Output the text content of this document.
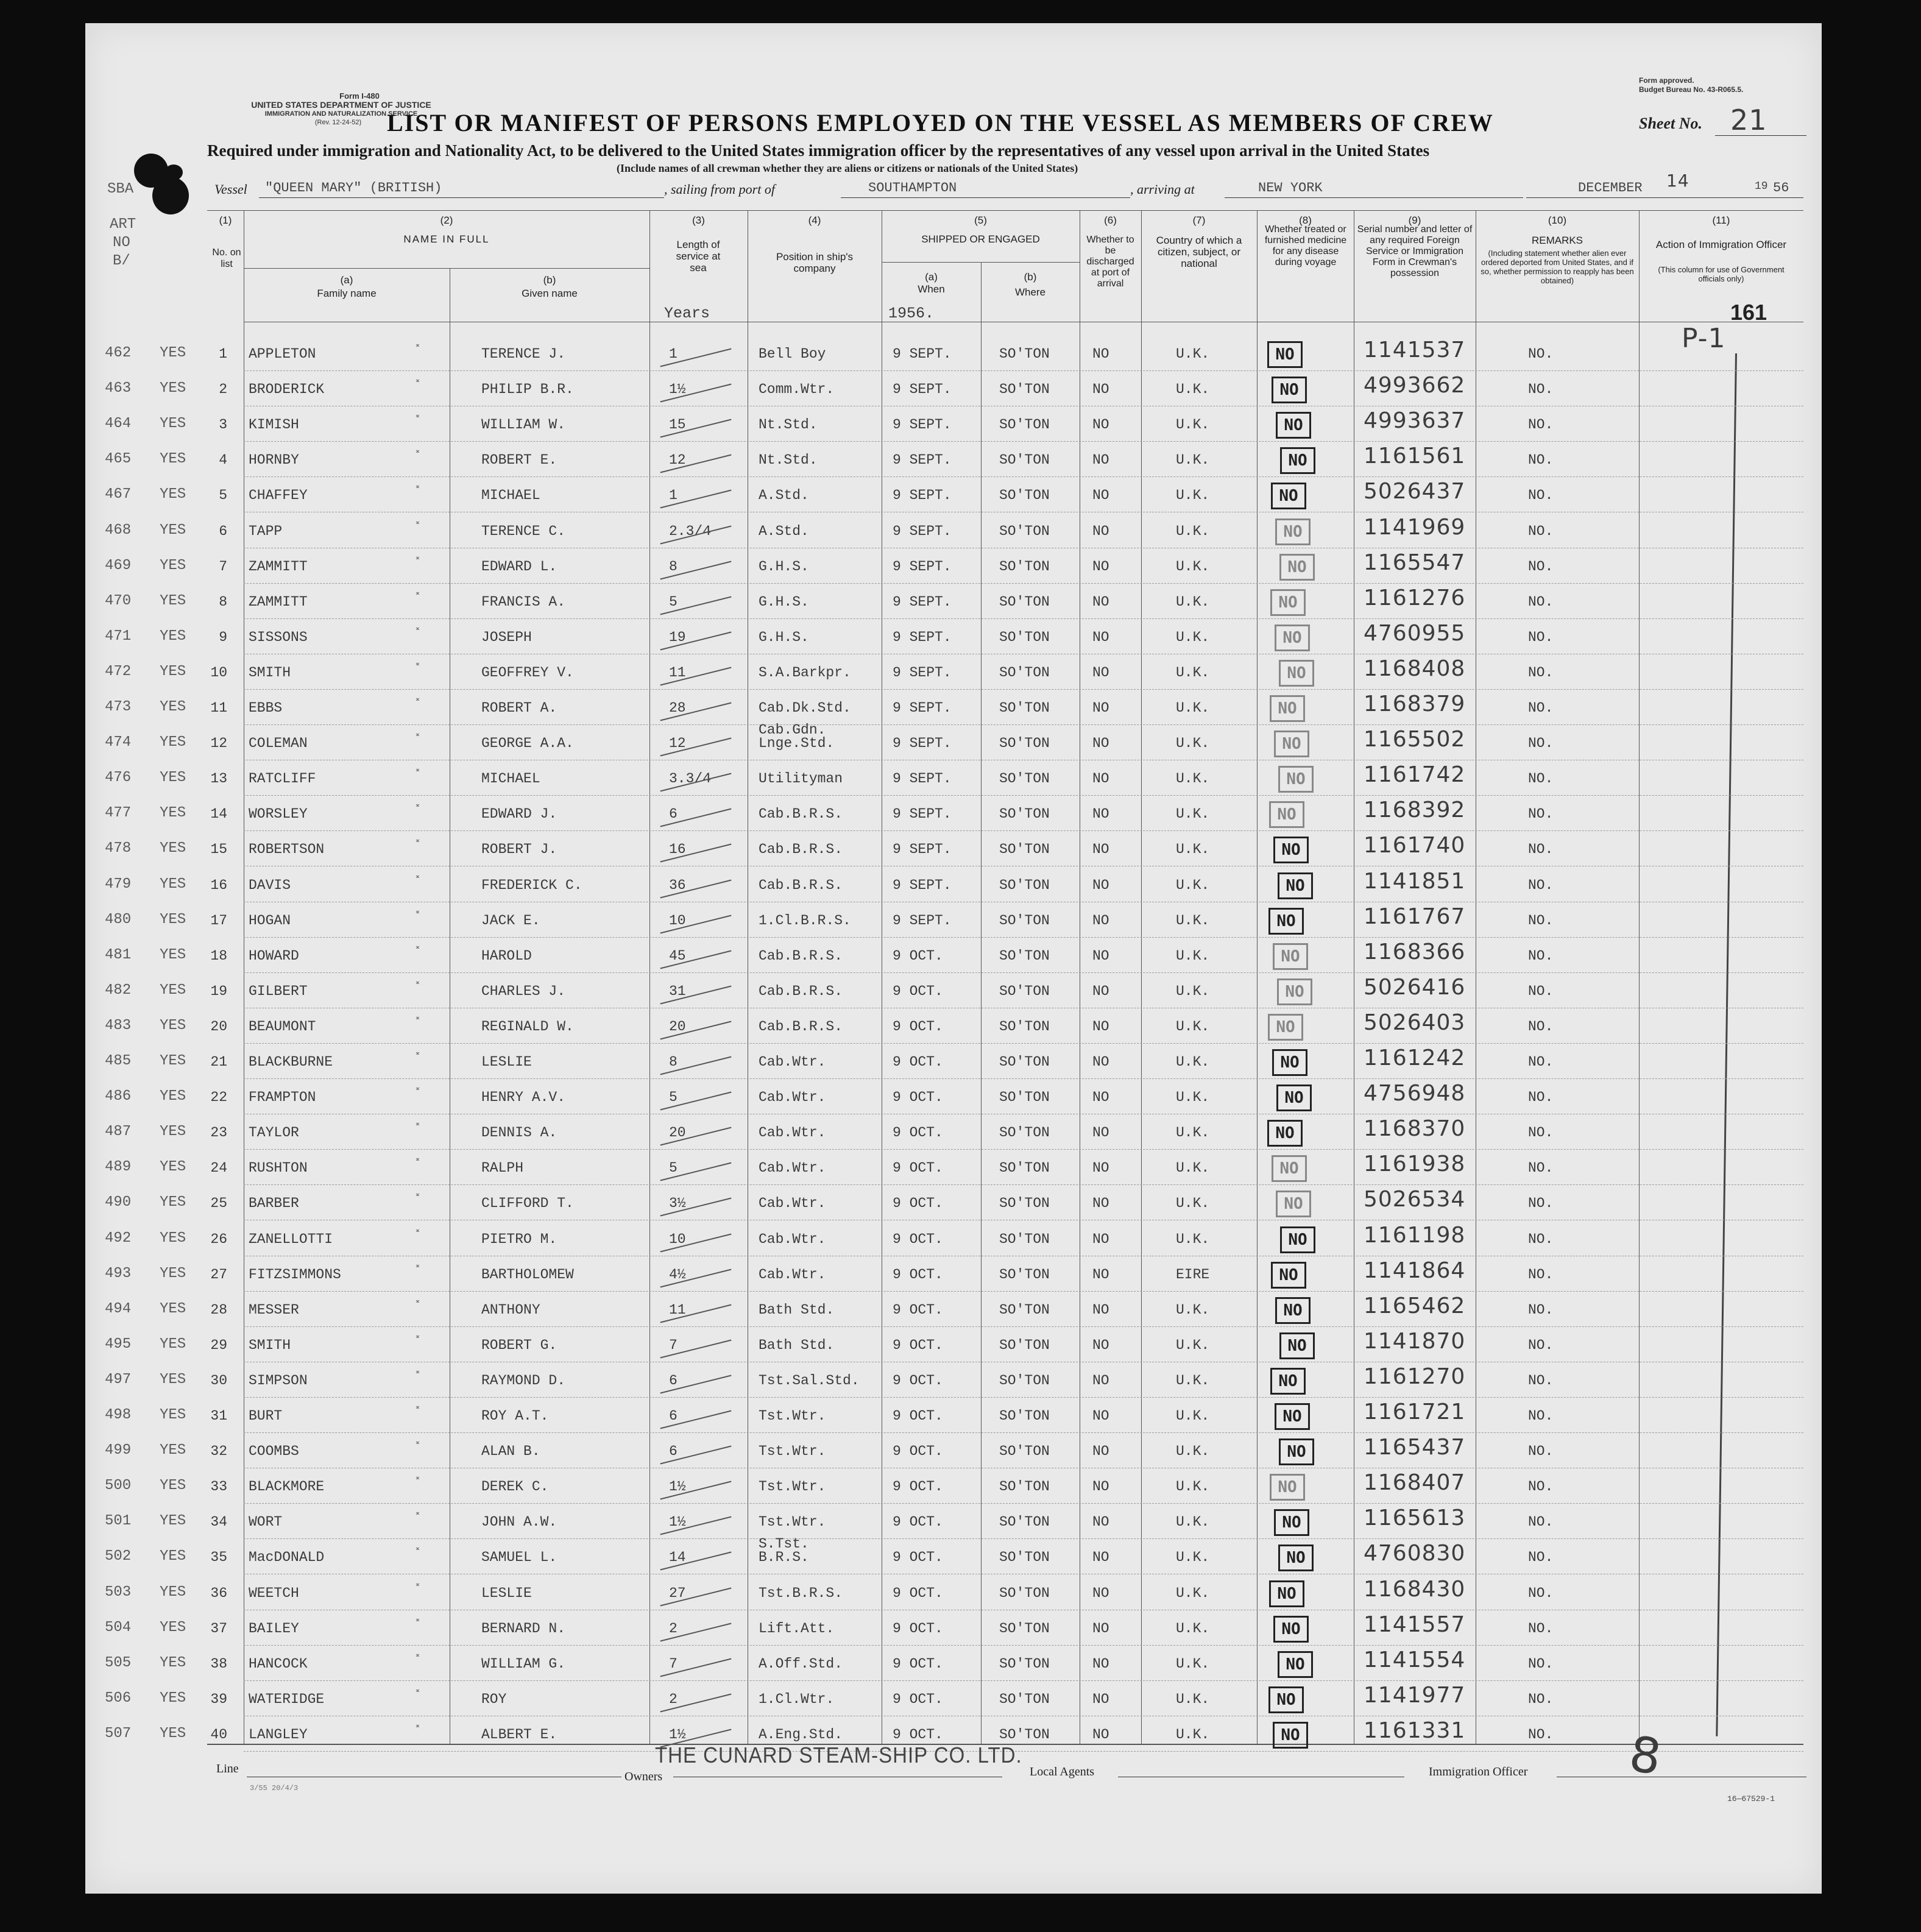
Form I-480
UNITED STATES DEPARTMENT OF JUSTICE
IMMIGRATION AND NATURALIZATION SERVICE
(Rev. 12-24-52)
Form approved.
Budget Bureau No. 43-R065.5.
LIST OR MANIFEST OF PERSONS EMPLOYED ON THE VESSEL AS MEMBERS OF CREW	Sheet No. 21
Required under immigration and Nationality Act, to be delivered to the United States immigration officer by the representatives of any vessel upon arrival in the United States
(Include names of all crewman whether they are aliens or citizens or nationals of the United States)
SBA	Vessel "QUEEN MARY" (BRITISH)	, sailing from port of	SOUTHAMPTON	, arriving at	NEW YORK	DECEMBER 14	19 56
ART
NO
B/
(1)
No. on list
(2)
NAME IN FULL
(a)
Family name
(b)
Given name
(3)
Length of service at sea
(4)
Position in ship's company
(5)
SHIPPED OR ENGAGED
(a)
When
(b)
Where
(6)
Whether to be discharged at port of arrival
(7)
Country of which a citizen, subject, or national
(8)
Whether treated or furnished medicine for any disease during voyage
(9)
Serial number and letter of any required Foreign Service or Immigration Form in Crewman's possession
(10)
REMARKS
(Including statement whether alien ever ordered deported from United States, and if so, whether permission to reapply has been obtained)
(11)
Action of Immigration Officer
(This column for use of Government officials only)
Years	1956.	161
P-1
462 YES	1 APPLETON	TERENCE J.	1	Bell Boy	9 SEPT.	SO'TON	NO	U.K.	NO	1141537	NO.
˟
463 YES	2 BRODERICK	PHILIP B.R.	1½	Comm.Wtr.	9 SEPT.	SO'TON	NO	U.K.	NO	4993662	NO.
˟
464 YES	3 KIMISH	WILLIAM W.	15	Nt.Std.	9 SEPT.	SO'TON	NO	U.K.	NO	4993637	NO.
˟
465 YES	4 HORNBY	ROBERT E.	12	Nt.Std.	9 SEPT.	SO'TON	NO	U.K.	NO	1161561	NO.
˟
467 YES	5 CHAFFEY	MICHAEL	1	A.Std.	9 SEPT.	SO'TON	NO	U.K.	NO	5026437	NO.
˟
468 YES	6 TAPP	TERENCE C.	2.3/4	A.Std.	9 SEPT.	SO'TON	NO	U.K.	NO	1141969	NO.
˟
469 YES	7 ZAMMITT	EDWARD L.	8	G.H.S.	9 SEPT.	SO'TON	NO	U.K.	NO	1165547	NO.
˟
470 YES	8 ZAMMITT	FRANCIS A.	5	G.H.S.	9 SEPT.	SO'TON	NO	U.K.	NO	1161276	NO.
˟
471 YES	9 SISSONS	JOSEPH	19	G.H.S.	9 SEPT.	SO'TON	NO	U.K.	NO	4760955	NO.
˟
472 YES	10 SMITH	GEOFFREY V.	11	S.A.Barkpr.	9 SEPT.	SO'TON	NO	U.K.	NO	1168408	NO.
˟
473 YES	11 EBBS	ROBERT A.	28	Cab.Dk.Std.	9 SEPT.	SO'TON	NO	U.K.	NO	1168379	NO.
˟
474 YES	12 COLEMAN	GEORGE A.A.	12
Cab.Gdn.
Lnge.Std.	9 SEPT.	SO'TON	NO	U.K.	NO	1165502	NO.
˟
476 YES	13 RATCLIFF	MICHAEL	3.3/4	Utilityman	9 SEPT.	SO'TON	NO	U.K.	NO	1161742	NO.
˟
477 YES	14 WORSLEY	EDWARD J.	6	Cab.B.R.S.	9 SEPT.	SO'TON	NO	U.K.	NO	1168392	NO.
˟
478 YES	15 ROBERTSON	ROBERT J.	16	Cab.B.R.S.	9 SEPT.	SO'TON	NO	U.K.	NO	1161740	NO.
˟
479 YES	16 DAVIS	FREDERICK C.	36	Cab.B.R.S.	9 SEPT.	SO'TON	NO	U.K.	NO	1141851	NO.
˟
480 YES	17 HOGAN	JACK E.	10	1.Cl.B.R.S.	9 SEPT.	SO'TON	NO	U.K.	NO	1161767	NO.
˟
481 YES	18 HOWARD	HAROLD	45	Cab.B.R.S.	9 OCT.	SO'TON	NO	U.K.	NO	1168366	NO.
˟
482 YES	19 GILBERT	CHARLES J.	31	Cab.B.R.S.	9 OCT.	SO'TON	NO	U.K.	NO	5026416	NO.
˟
483 YES	20 BEAUMONT	REGINALD W.	20	Cab.B.R.S.	9 OCT.	SO'TON	NO	U.K.	NO	5026403	NO.
˟
485 YES	21 BLACKBURNE	LESLIE	8	Cab.Wtr.	9 OCT.	SO'TON	NO	U.K.	NO	1161242	NO.
˟
486 YES	22 FRAMPTON	HENRY A.V.	5	Cab.Wtr.	9 OCT.	SO'TON	NO	U.K.	NO	4756948	NO.
˟
487 YES	23 TAYLOR	DENNIS A.	20	Cab.Wtr.	9 OCT.	SO'TON	NO	U.K.	NO	1168370	NO.
˟
489 YES	24 RUSHTON	RALPH	5	Cab.Wtr.	9 OCT.	SO'TON	NO	U.K.	NO	1161938	NO.
˟
490 YES	25 BARBER	CLIFFORD T.	3½	Cab.Wtr.	9 OCT.	SO'TON	NO	U.K.	NO	5026534	NO.
˟
492 YES	26 ZANELLOTTI	PIETRO M.	10	Cab.Wtr.	9 OCT.	SO'TON	NO	U.K.	NO	1161198	NO.
˟
493 YES	27 FITZSIMMONS	BARTHOLOMEW	4½	Cab.Wtr.	9 OCT.	SO'TON	NO	EIRE	NO	1141864	NO.
˟
494 YES	28 MESSER	ANTHONY	11	Bath Std.	9 OCT.	SO'TON	NO	U.K.	NO	1165462	NO.
˟
495 YES	29 SMITH	ROBERT G.	7	Bath Std.	9 OCT.	SO'TON	NO	U.K.	NO	1141870	NO.
˟
497 YES	30 SIMPSON	RAYMOND D.	6	Tst.Sal.Std. 9 OCT.	SO'TON	NO	U.K.	NO	1161270	NO.
˟
498 YES	31 BURT	ROY A.T.	6	Tst.Wtr.	9 OCT.	SO'TON	NO	U.K.	NO	1161721	NO.
˟
499 YES	32 COOMBS	ALAN B.	6	Tst.Wtr.	9 OCT.	SO'TON	NO	U.K.	NO	1165437	NO.
˟
500 YES	33 BLACKMORE	DEREK C.	1½	Tst.Wtr.	9 OCT.	SO'TON	NO	U.K.	NO	1168407	NO.
˟
501 YES	34 WORT	JOHN A.W.	1½	Tst.Wtr.	9 OCT.	SO'TON	NO	U.K.	NO	1165613	NO.
˟
502 YES	35 MacDONALD	SAMUEL L.	14
S.Tst.
B.R.S.	9 OCT.	SO'TON	NO	U.K.	NO	4760830	NO.
˟
503 YES	36 WEETCH	LESLIE	27	Tst.B.R.S.	9 OCT.	SO'TON	NO	U.K.	NO	1168430	NO.
˟
504 YES	37 BAILEY	BERNARD N.	2	Lift.Att.	9 OCT.	SO'TON	NO	U.K.	NO	1141557	NO.
˟
505 YES	38 HANCOCK	WILLIAM G.	7	A.Off.Std.	9 OCT.	SO'TON	NO	U.K.	NO	1141554	NO.
˟
506 YES	39 WATERIDGE	ROY	2	1.Cl.Wtr.	9 OCT.	SO'TON	NO	U.K.	NO	1141977	NO.
˟
507 YES	40 LANGLEY	ALBERT E.	1½	A.Eng.Std.	9 OCT.	SO'TON	NO	U.K.	NO	1161331	NO.
˟
Line
Owners
THE CUNARD STEAM-SHIP CO. LTD.
Local Agents	Immigration Officer
16—67529-1
3/55 20/4/3
8
